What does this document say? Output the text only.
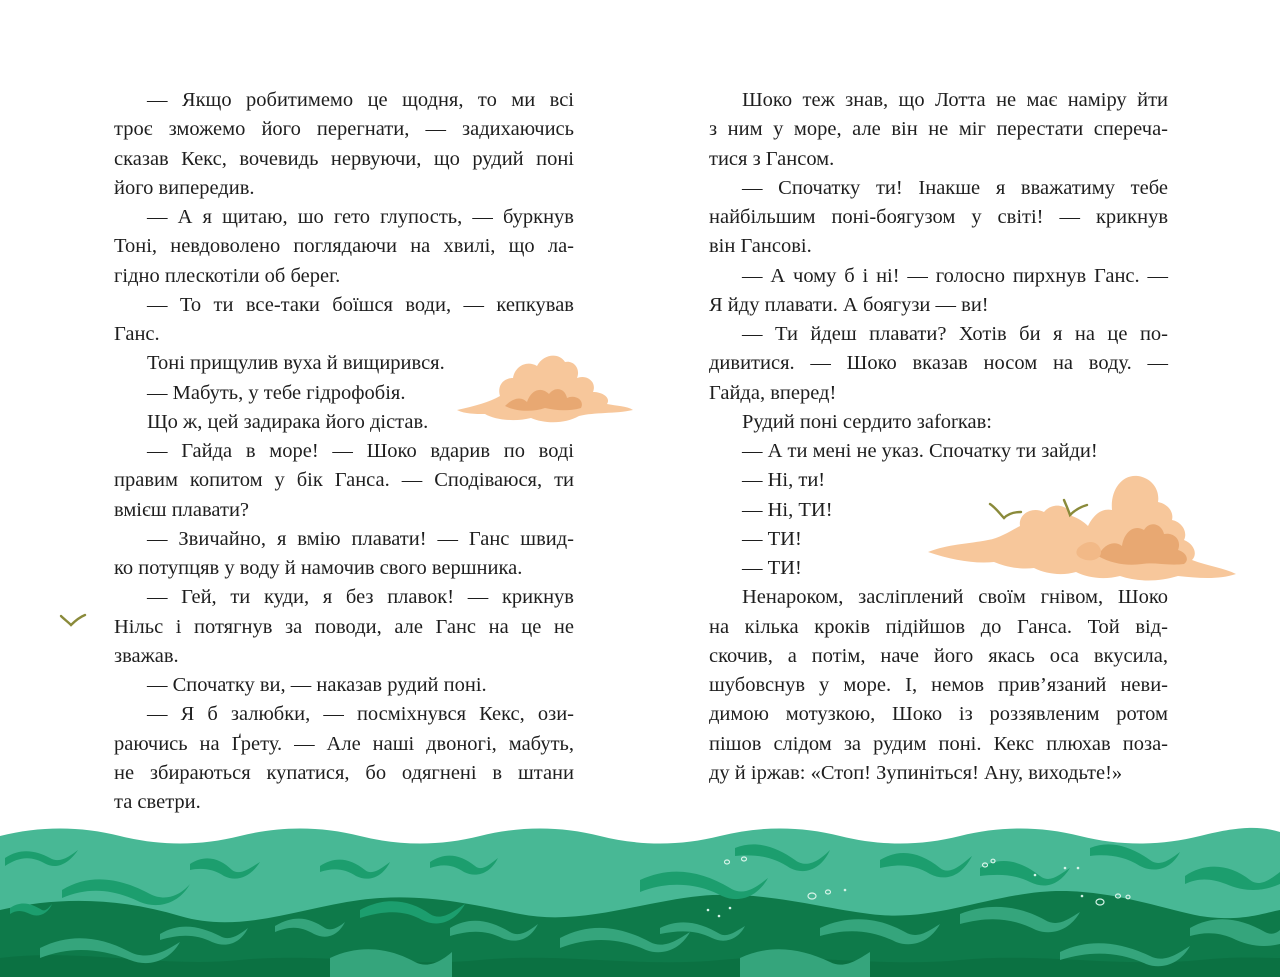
— Якщо робитимемо це щодня, то ми всі
троє зможемо його перегнати, — задихаючись
сказав Кекс, вочевидь нервуючи, що рудий поні
його випередив.
— А я щитаю, шо гето глупость, — буркнув
Тоні, невдоволено поглядаючи на хвилі, що ла-
гідно плескотіли об берег.
— То ти все-таки боїшся води, — кепкував
Ганс.
Тоні прищулив вуха й вищирився.
— Мабуть, у тебе гідрофобія.
Що ж, цей задирака його дістав.
— Гайда в море! — Шоко вдарив по воді
правим копитом у бік Ганса. — Сподіваюся, ти
вмієш плавати?
— Звичайно, я вмію плавати! — Ганс швид-
ко потупцяв у воду й намочив свого вершника.
— Гей, ти куди, я без плавок! — крикнув
Нільс і потягнув за поводи, але Ганс на це не
зважав.
— Спочатку ви, — наказав рудий поні.
— Я б залюбки, — посміхнувся Кекс, ози-
раючись на Ґрету. — Але наші двоногі, мабуть,
не збираються купатися, бо одягнені в штани
та светри.
Шоко теж знав, що Лотта не має наміру йти
з ним у море, але він не міг перестати спереча-
тися з Гансом.
— Спочатку ти! Інакше я вважатиму тебе
найбільшим поні-боягузом у світі! — крикнув
він Гансові.
— А чому б і ні! — голосно пирхнув Ганс. —
Я йду плавати. А боягузи — ви!
— Ти йдеш плавати? Хотів би я на це по-
дивитися. — Шоко вказав носом на воду. —
Гайда, вперед!
Рудий поні сердито заforкав:
— А ти мені не указ. Спочатку ти зайди!
— Ні, ти!
— Ні, ТИ!
— ТИ!
— ТИ!
Ненароком, засліплений своїм гнівом, Шоко
на кілька кроків підійшов до Ганса. Той від-
скочив, а потім, наче його якась оса вкусила,
шубовснув у море. І, немов прив’язаний неви-
димою мотузкою, Шоко із роззявленим ротом
пішов слідом за рудим поні. Кекс плюхав поза-
ду й іржав: «Стоп! Зупиніться! Ану, виходьте!»
